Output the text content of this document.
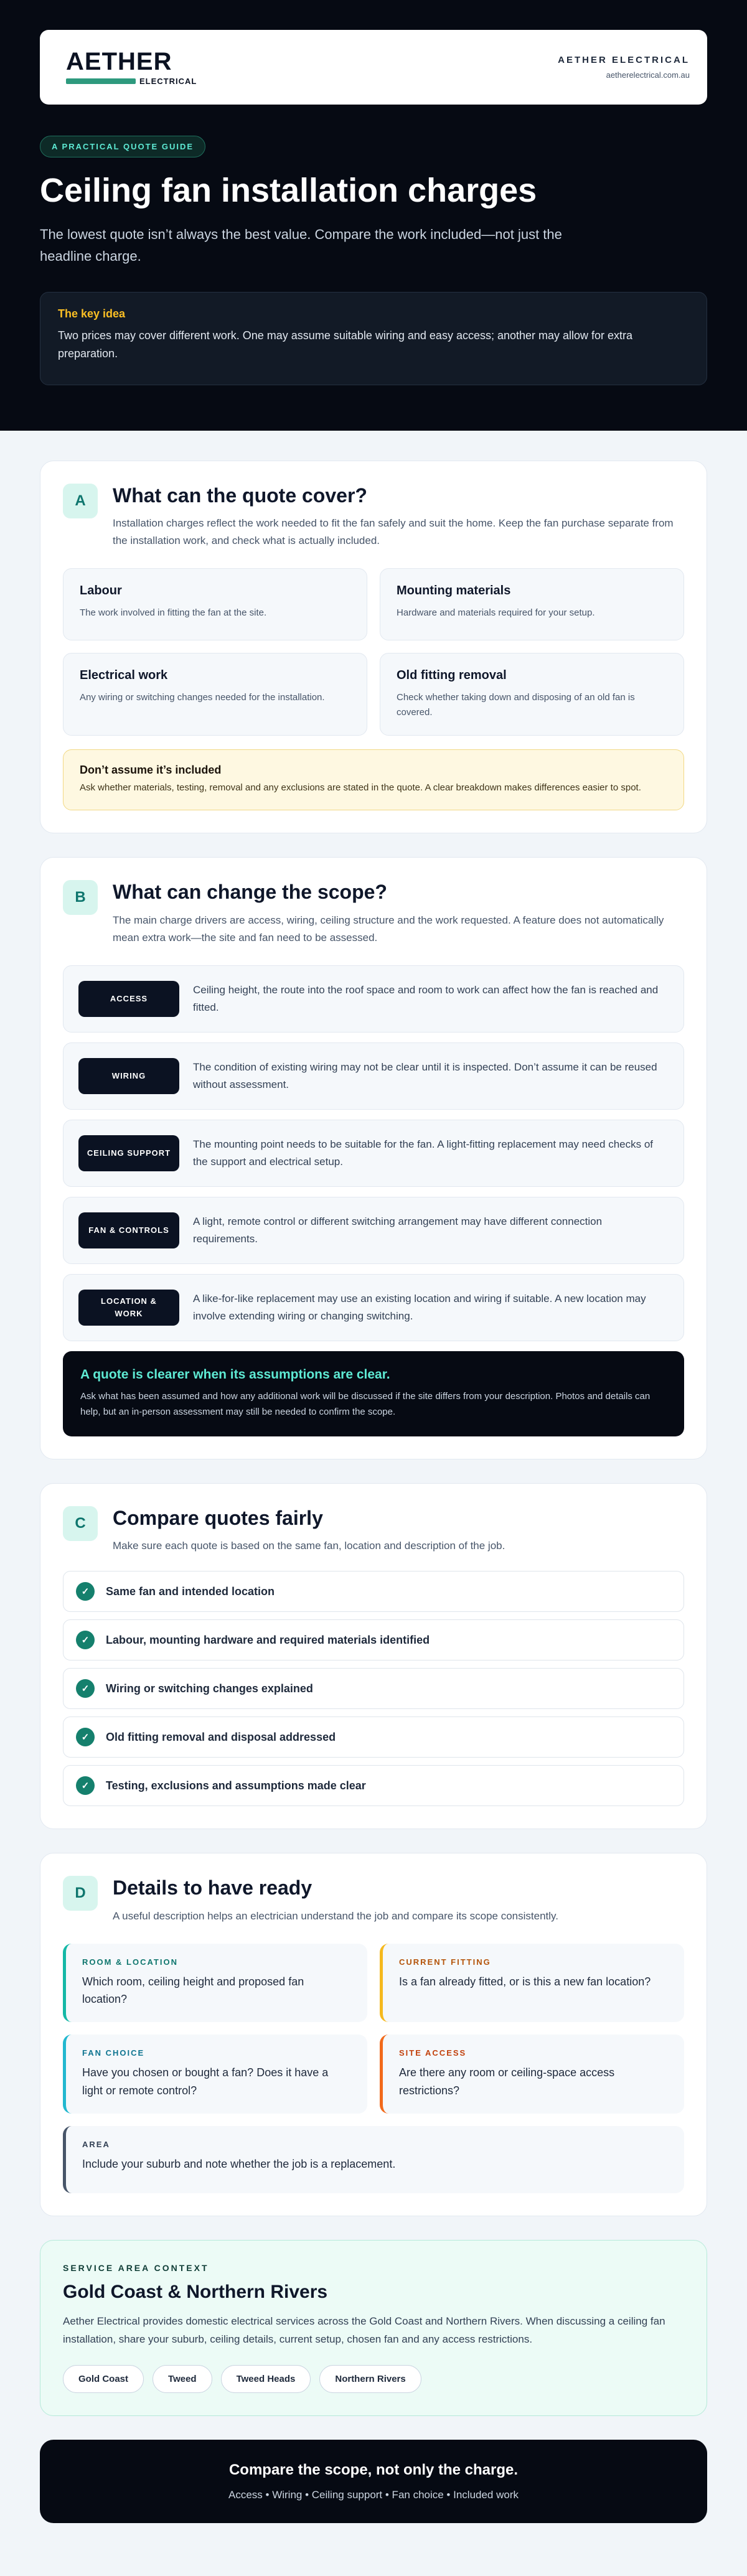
AETHER
ELECTRICAL
AETHER ELECTRICAL
aetherelectrical.com.au
A PRACTICAL QUOTE GUIDE
Ceiling fan installation charges

The lowest quote isn’t always the best value. Compare the work included—not just the headline charge.

The key idea
Two prices may cover different work. One may assume suitable wiring and easy access; another may allow for extra preparation.
A	What can the quote cover?

Installation charges reflect the work needed to fit the fan safely and suit the home. Keep the fan purchase separate from the installation work, and check what is actually included.

Labour
The work involved in fitting the fan at the site.
Mounting materials
Hardware and materials required for your setup.
Electrical work
Any wiring or switching changes needed for the installation.
Old fitting removal
Check whether taking down and disposing of an old fan is covered.
Don’t assume it’s included
Ask whether materials, testing, removal and any exclusions are stated in the quote. A clear breakdown makes differences easier to spot.
B	What can change the scope?

The main charge drivers are access, wiring, ceiling structure and the work requested. A feature does not automatically mean extra work—the site and fan need to be assessed.

ACCESS
Ceiling height, the route into the roof space and room to work can affect how the fan is reached and fitted.
WIRING
The condition of existing wiring may not be clear until it is inspected. Don’t assume it can be reused without assessment.
CEILING SUPPORT
The mounting point needs to be suitable for the fan. A light-fitting replacement may need checks of the support and electrical setup.
FAN & CONTROLS
A light, remote control or different switching arrangement may have different connection requirements.
LOCATION & WORK
A like-for-like replacement may use an existing location and wiring if suitable. A new location may involve extending wiring or changing switching.
A quote is clearer when its assumptions are clear.
Ask what has been assumed and how any additional work will be discussed if the site differs from your description. Photos and details can help, but an in-person assessment may still be needed to confirm the scope.
C	Compare quotes fairly

Make sure each quote is based on the same fan, location and description of the job.

✓	Same fan and intended location
✓	Labour, mounting hardware and required materials identified
✓	Wiring or switching changes explained
✓	Old fitting removal and disposal addressed
✓	Testing, exclusions and assumptions made clear
D	Details to have ready

A useful description helps an electrician understand the job and compare its scope consistently.

ROOM & LOCATION
Which room, ceiling height and proposed fan location?
CURRENT FITTING
Is a fan already fitted, or is this a new fan location?
FAN CHOICE
Have you chosen or bought a fan? Does it have a light or remote control?
SITE ACCESS
Are there any room or ceiling-space access restrictions?
AREA
Include your suburb and note whether the job is a replacement.
SERVICE AREA CONTEXT
Gold Coast & Northern Rivers

Aether Electrical provides domestic electrical services across the Gold Coast and Northern Rivers. When discussing a ceiling fan installation, share your suburb, ceiling details, current setup, chosen fan and any access restrictions.

Gold Coast	Tweed	Tweed Heads	Northern Rivers
Compare the scope, not only the charge.
Access • Wiring • Ceiling support • Fan choice • Included work
